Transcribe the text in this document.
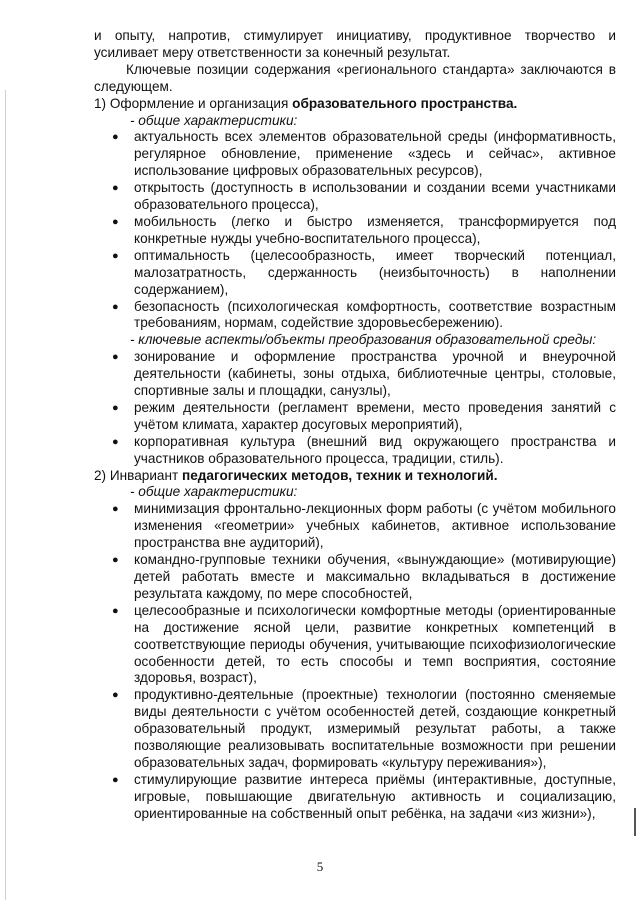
и опыту, напротив, стимулирует инициативу, продуктивное творчество и усиливает меру ответственности за конечный результат.

Ключевые позиции содержания «регионального стандарта» заключаются в следующем.

1) Оформление и организация образовательного пространства.

- общие характеристики:

● актуальность всех элементов образовательной среды (информативность, регулярное обновление, применение «здесь и сейчас», активное использование цифровых образовательных ресурсов),
● открытость (доступность в использовании и создании всеми участниками образовательного процесса),
● мобильность (легко и быстро изменяется, трансформируется под конкретные нужды учебно-воспитательного процесса),
● оптимальность (целесообразность, имеет творческий потенциал, малозатратность, сдержанность (неизбыточность) в наполнении содержанием),
● безопасность (психологическая комфортность, соответствие возрастным требованиям, нормам, содействие здоровьесбережению).

- ключевые аспекты/объекты преобразования образовательной среды:

● зонирование и оформление пространства урочной и внеурочной деятельности (кабинеты, зоны отдыха, библиотечные центры, столовые, спортивные залы и площадки, санузлы),
● режим деятельности (регламент времени, место проведения занятий с учётом климата, характер досуговых мероприятий),
● корпоративная культура (внешний вид окружающего пространства и участников образовательного процесса, традиции, стиль).

2) Инвариант педагогических методов, техник и технологий.

- общие характеристики:

● минимизация фронтально-лекционных форм работы (с учётом мобильного изменения «геометрии» учебных кабинетов, активное использование пространства вне аудиторий),
● командно-групповые техники обучения, «вынуждающие» (мотивирующие) детей работать вместе и максимально вкладываться в достижение результата каждому, по мере способностей,
● целесообразные и психологически комфортные методы (ориентированные на достижение ясной цели, развитие конкретных компетенций в соответствующие периоды обучения, учитывающие психофизиологические особенности детей, то есть способы и темп восприятия, состояние здоровья, возраст),
● продуктивно-деятельные (проектные) технологии (постоянно сменяемые виды деятельности с учётом особенностей детей, создающие конкретный образовательный продукт, измеримый результат работы, а также позволяющие реализовывать воспитательные возможности при решении образовательных задач, формировать «культуру переживания»),
● стимулирующие развитие интереса приёмы (интерактивные, доступные, игровые, повышающие двигательную активность и социализацию, ориентированные на собственный опыт ребёнка, на задачи «из жизни»),
5
